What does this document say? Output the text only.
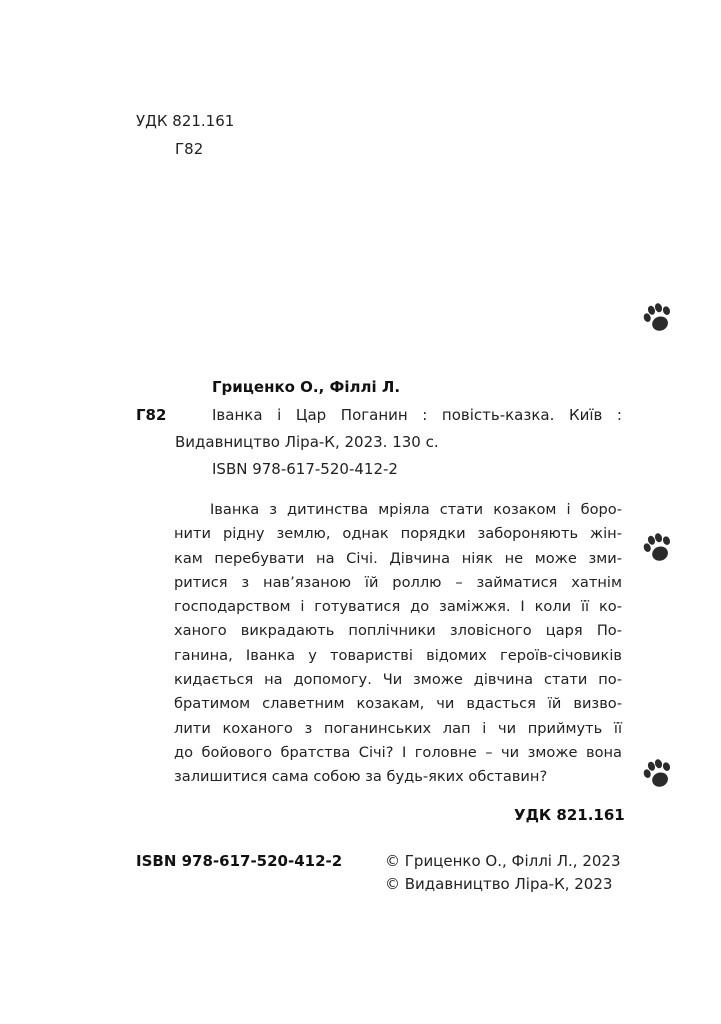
УДК 821.161
Г82
Гриценко О., Філлі Л.
Г82	Іванка і Цар Поганин : повість-казка. Київ :
Видавництво Ліра-К, 2023. 130 с.
ISBN 978-617-520-412-2
Іванка з дитинства мріяла стати козаком і боро-
нити рідну землю, однак порядки забороняють жін-
кам перебувати на Січі. Дівчина ніяк не може зми-
ритися з нав’язаною їй роллю – займатися хатнім
господарством і готуватися до заміжжя. І коли її ко-
ханого викрадають поплічники зловісного царя По-
ганина, Іванка у товаристві відомих героїв-січовиків
кидається на допомогу. Чи зможе дівчина стати по-
братимом славетним козакам, чи вдасться їй визво-
лити коханого з поганинських лап і чи приймуть її
до бойового братства Січі? І головне – чи зможе вона
залишитися сама собою за будь-яких обставин?
УДК 821.161
ISBN 978-617-520-412-2	© Гриценко О., Філлі Л., 2023
© Видавництво Ліра-К, 2023
